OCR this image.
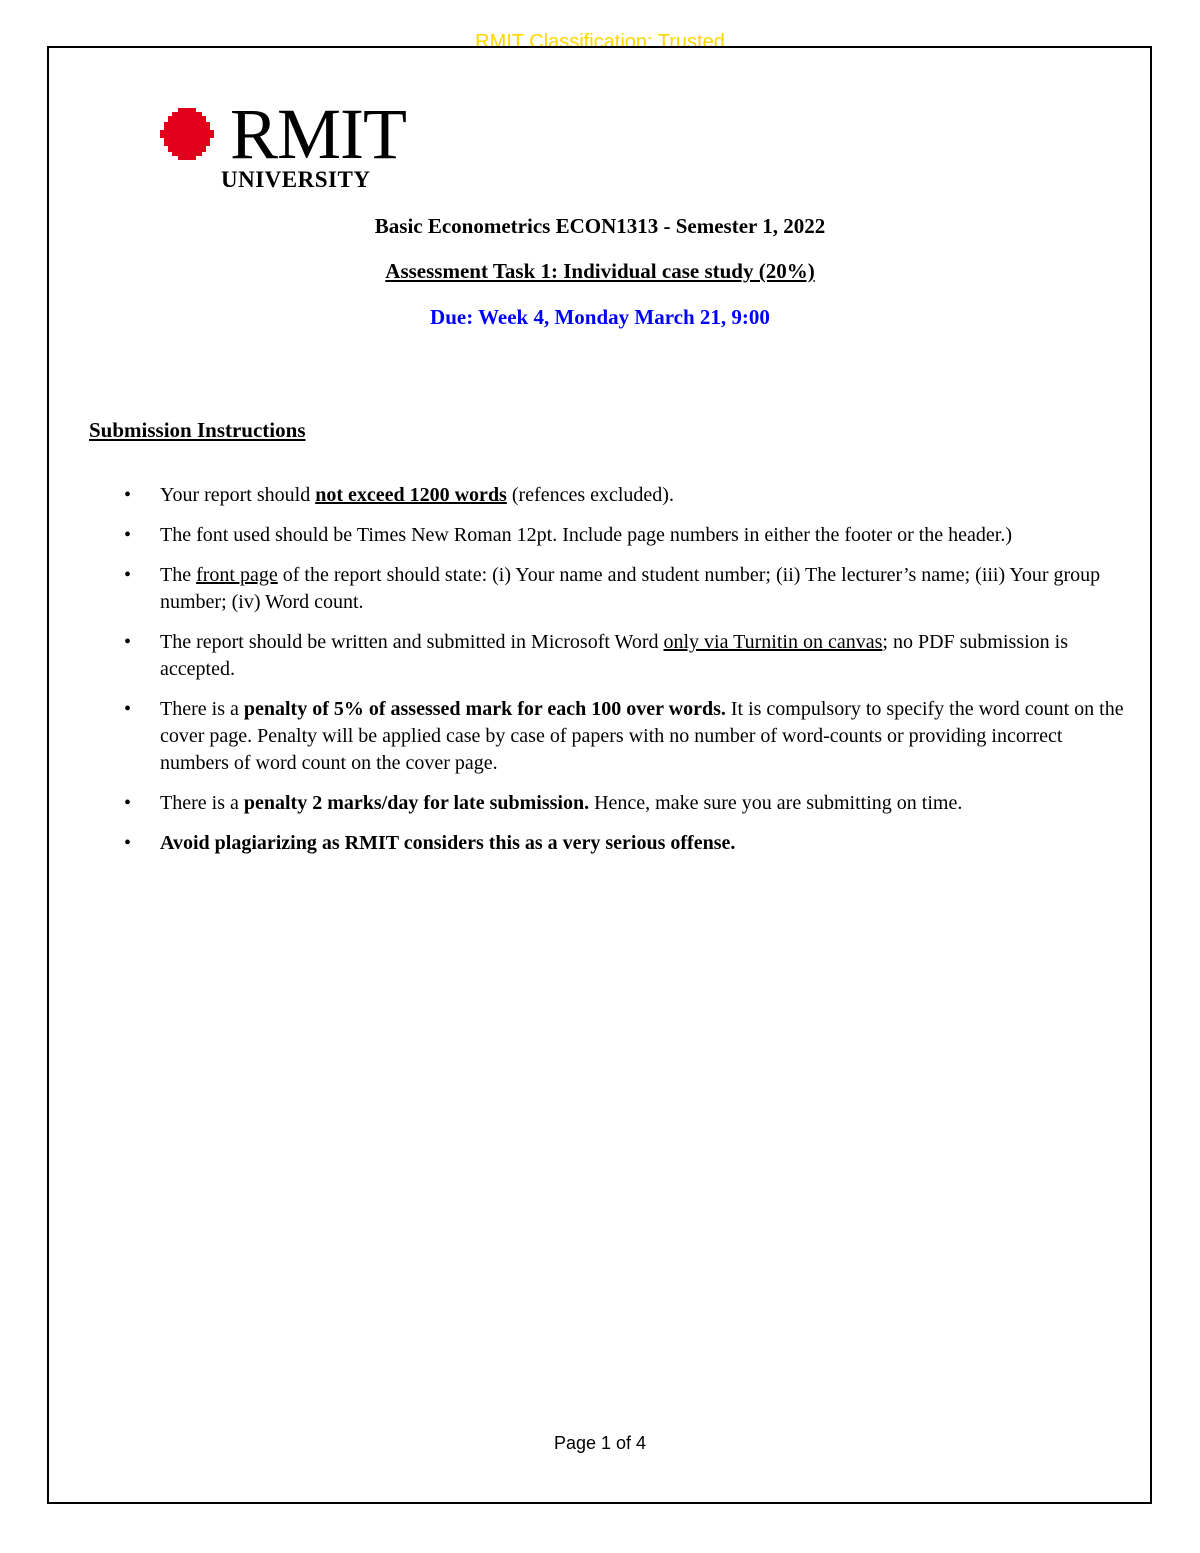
RMIT Classification: Trusted
RMIT
UNIVERSITY
Basic Econometrics ECON1313 - Semester 1, 2022
Assessment Task 1: Individual case study (20%)
Due: Week 4, Monday March 21, 9:00
Submission Instructions
• Your report should not exceed 1200 words (refences excluded).
• The font used should be Times New Roman 12pt. Include page numbers in either the footer or the header.)
• The front page of the report should state: (i) Your name and student number; (ii) The lecturer’s name; (iii) Your group number; (iv) Word count.
• The report should be written and submitted in Microsoft Word only via Turnitin on canvas; no PDF submission is accepted.
• There is a penalty of 5% of assessed mark for each 100 over words. It is compulsory to specify the word count on the cover page. Penalty will be applied case by case of papers with no number of word-counts or providing incorrect numbers of word count on the cover page.
• There is a penalty 2 marks/day for late submission. Hence, make sure you are submitting on time.
• Avoid plagiarizing as RMIT considers this as a very serious offense.
Page 1 of 4
